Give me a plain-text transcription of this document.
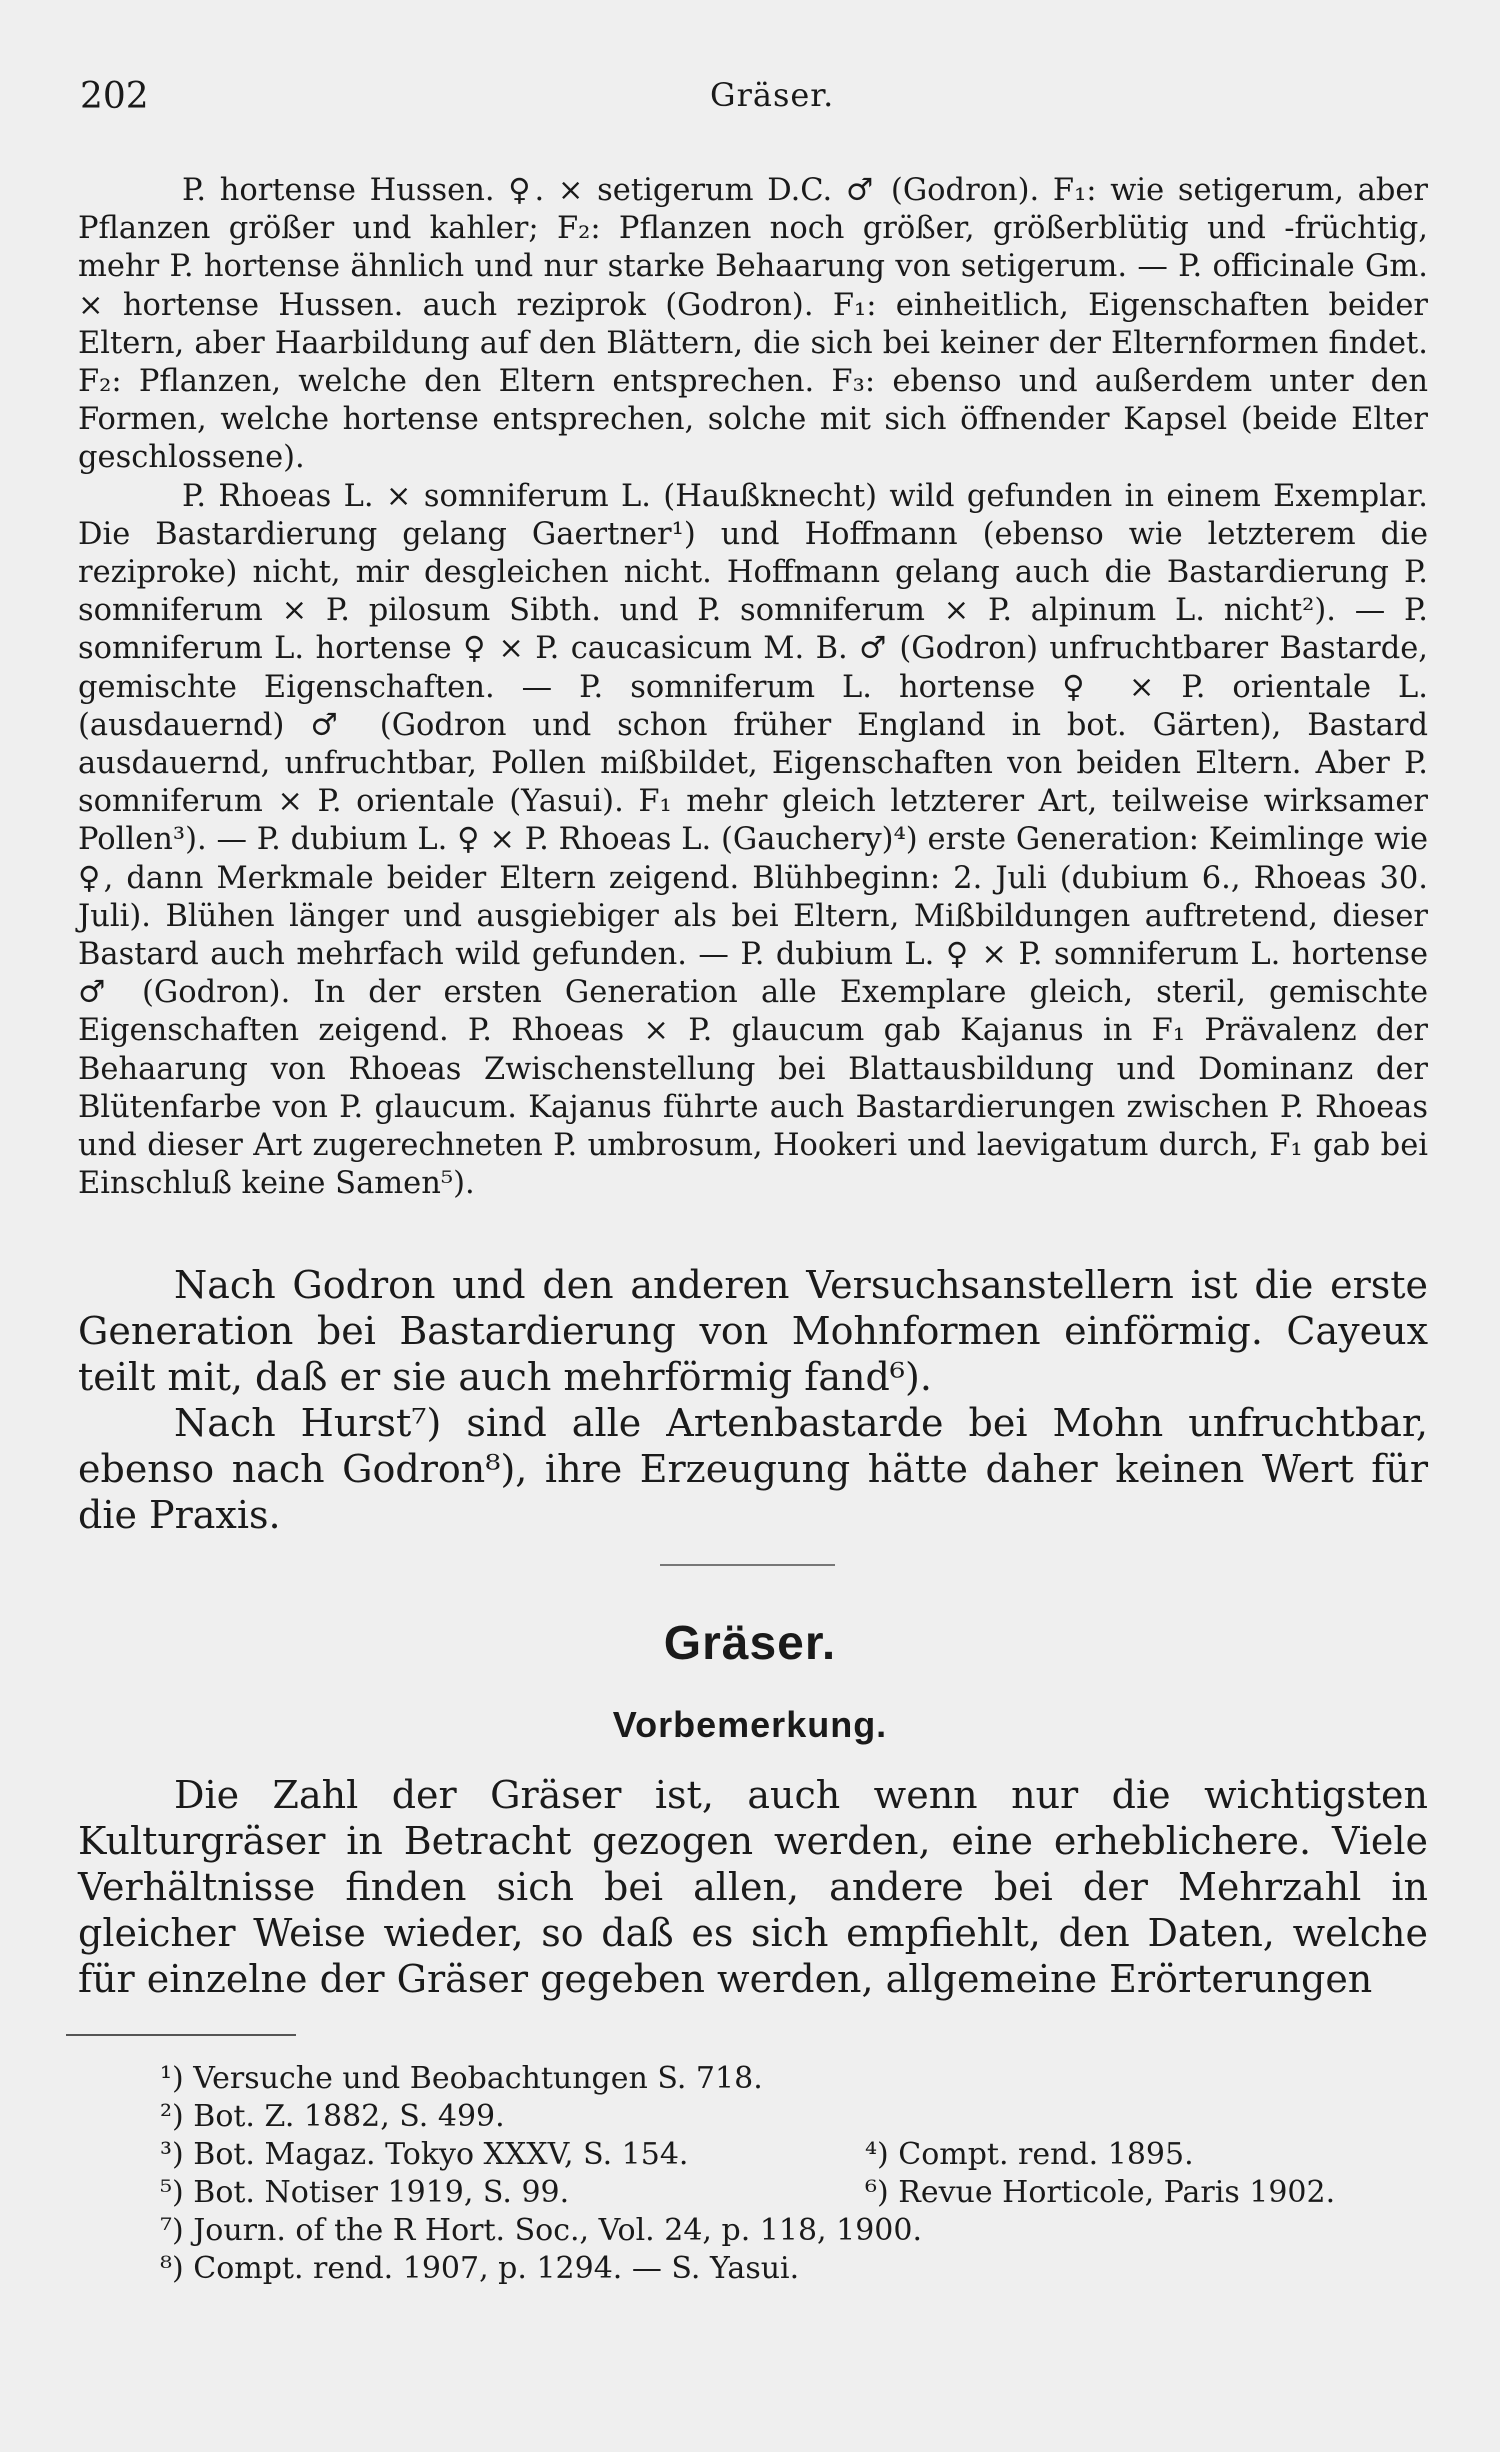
202	Gräser.

P. hortense Hussen. ♀. ⨯ setigerum D.C. ♂ (Godron). F₁: wie setigerum, aber Pflanzen größer und kahler; F₂: Pflanzen noch größer, größerblütig und -früchtig, mehr P. hortense ähnlich und nur starke Behaarung von setigerum. — P. officinale Gm. ⨯ hortense Hussen. auch reziprok (Godron). F₁: einheitlich, Eigenschaften beider Eltern, aber Haarbildung auf den Blättern, die sich bei keiner der Elternformen findet. F₂: Pflanzen, welche den Eltern entsprechen. F₃: ebenso und außerdem unter den Formen, welche hortense entsprechen, solche mit sich öffnender Kapsel (beide Elter geschlossene).

P. Rhoeas L. ⨯ somniferum L. (Haußknecht) wild gefunden in einem Exemplar. Die Bastardierung gelang Gaertner¹) und Hoffmann (ebenso wie letzterem die reziproke) nicht, mir desgleichen nicht. Hoffmann gelang auch die Bastardierung P. somniferum ⨯ P. pilosum Sibth. und P. somniferum ⨯ P. alpinum L. nicht²). — P. somniferum L. hortense ♀ ⨯ P. caucasicum M. B. ♂ (Godron) unfruchtbarer Bastarde, gemischte Eigenschaften. — P. somniferum L. hortense ♀ ⨯ P. orientale L. (ausdauernd) ♂ (Godron und schon früher England in bot. Gärten), Bastard ausdauernd, unfruchtbar, Pollen mißbildet, Eigenschaften von beiden Eltern. Aber P. somniferum ⨯ P. orientale (Yasui). F₁ mehr gleich letzterer Art, teilweise wirksamer Pollen³). — P. dubium L. ♀ ⨯ P. Rhoeas L. (Gauchery)⁴) erste Generation: Keimlinge wie ♀, dann Merkmale beider Eltern zeigend. Blühbeginn: 2. Juli (dubium 6., Rhoeas 30. Juli). Blühen länger und ausgiebiger als bei Eltern, Mißbildungen auftretend, dieser Bastard auch mehrfach wild gefunden. — P. dubium L. ♀ ⨯ P. somniferum L. hortense ♂ (Godron). In der ersten Generation alle Exemplare gleich, steril, gemischte Eigenschaften zeigend. P. Rhoeas ⨯ P. glaucum gab Kajanus in F₁ Prävalenz der Behaarung von Rhoeas Zwischenstellung bei Blattausbildung und Dominanz der Blütenfarbe von P. glaucum. Kajanus führte auch Bastardierungen zwischen P. Rhoeas und dieser Art zugerechneten P. umbrosum, Hookeri und laevigatum durch, F₁ gab bei Einschluß keine Samen⁵).

Nach Godron und den anderen Versuchsanstellern ist die erste Generation bei Bastardierung von Mohnformen einförmig. Cayeux teilt mit, daß er sie auch mehrförmig fand⁶).

Nach Hurst⁷) sind alle Artenbastarde bei Mohn unfruchtbar, ebenso nach Godron⁸), ihre Erzeugung hätte daher keinen Wert für die Praxis.

Gräser.
Vorbemerkung.

Die Zahl der Gräser ist, auch wenn nur die wichtigsten Kulturgräser in Betracht gezogen werden, eine erheblichere. Viele Verhältnisse finden sich bei allen, andere bei der Mehrzahl in gleicher Weise wieder, so daß es sich empfiehlt, den Daten, welche für einzelne der Gräser gegeben werden, allgemeine Erörterungen

¹) Versuche und Beobachtungen S. 718.
²) Bot. Z. 1882, S. 499.
³) Bot. Magaz. Tokyo XXXV, S. 154.	⁴) Compt. rend. 1895.
⁵) Bot. Notiser 1919, S. 99.	⁶) Revue Horticole, Paris 1902.
⁷) Journ. of the R Hort. Soc., Vol. 24, p. 118, 1900.
⁸) Compt. rend. 1907, p. 1294. — S. Yasui.
